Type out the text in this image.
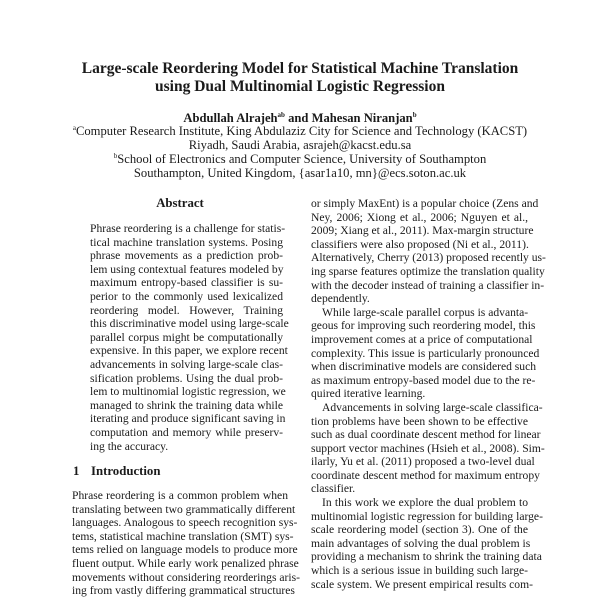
Large-scale Reordering Model for Statistical Machine Translation
using Dual Multinomial Logistic Regression
Abdullah Alrajeh$^{ab}$ and Mahesan Niranjan$^b$
$^a$Computer Research Institute, King Abdulaziz City for Science and Technology (KACST)
Riyadh, Saudi Arabia, asrajeh@kacst.edu.sa
$^b$School of Electronics and Computer Science, University of Southampton
Southampton, United Kingdom, {asar1a10, mn}@ecs.soton.ac.uk
Abstract
Phrase reordering is a challenge for statis-
tical machine translation systems. Posing
phrase movements as a prediction prob-
lem using contextual features modeled by
maximum entropy-based classifier is su-
perior to the commonly used lexicalized
reordering model. However, Training
this discriminative model using large-scale
parallel corpus might be computationally
expensive. In this paper, we explore recent
advancements in solving large-scale clas-
sification problems. Using the dual prob-
lem to multinomial logistic regression, we
managed to shrink the training data while
iterating and produce significant saving in
computation and memory while preserv-
ing the accuracy.
1 Introduction
Phrase reordering is a common problem when
translating between two grammatically different
languages. Analogous to speech recognition sys-
tems, statistical machine translation (SMT) sys-
tems relied on language models to produce more
fluent output. While early work penalized phrase
movements without considering reorderings aris-
ing from vastly differing grammatical structures
or simply MaxEnt) is a popular choice (Zens and
Ney, 2006; Xiong et al., 2006; Nguyen et al.,
2009; Xiang et al., 2011). Max-margin structure
classifiers were also proposed (Ni et al., 2011).
Alternatively, Cherry (2013) proposed recently us-
ing sparse features optimize the translation quality
with the decoder instead of training a classifier in-
dependently.
While large-scale parallel corpus is advanta-
geous for improving such reordering model, this
improvement comes at a price of computational
complexity. This issue is particularly pronounced
when discriminative models are considered such
as maximum entropy-based model due to the re-
quired iterative learning.
Advancements in solving large-scale classifica-
tion problems have been shown to be effective
such as dual coordinate descent method for linear
support vector machines (Hsieh et al., 2008). Sim-
ilarly, Yu et al. (2011) proposed a two-level dual
coordinate descent method for maximum entropy
classifier.
In this work we explore the dual problem to
multinomial logistic regression for building large-
scale reordering model (section 3). One of the
main advantages of solving the dual problem is
providing a mechanism to shrink the training data
which is a serious issue in building such large-
scale system. We present empirical results com-
